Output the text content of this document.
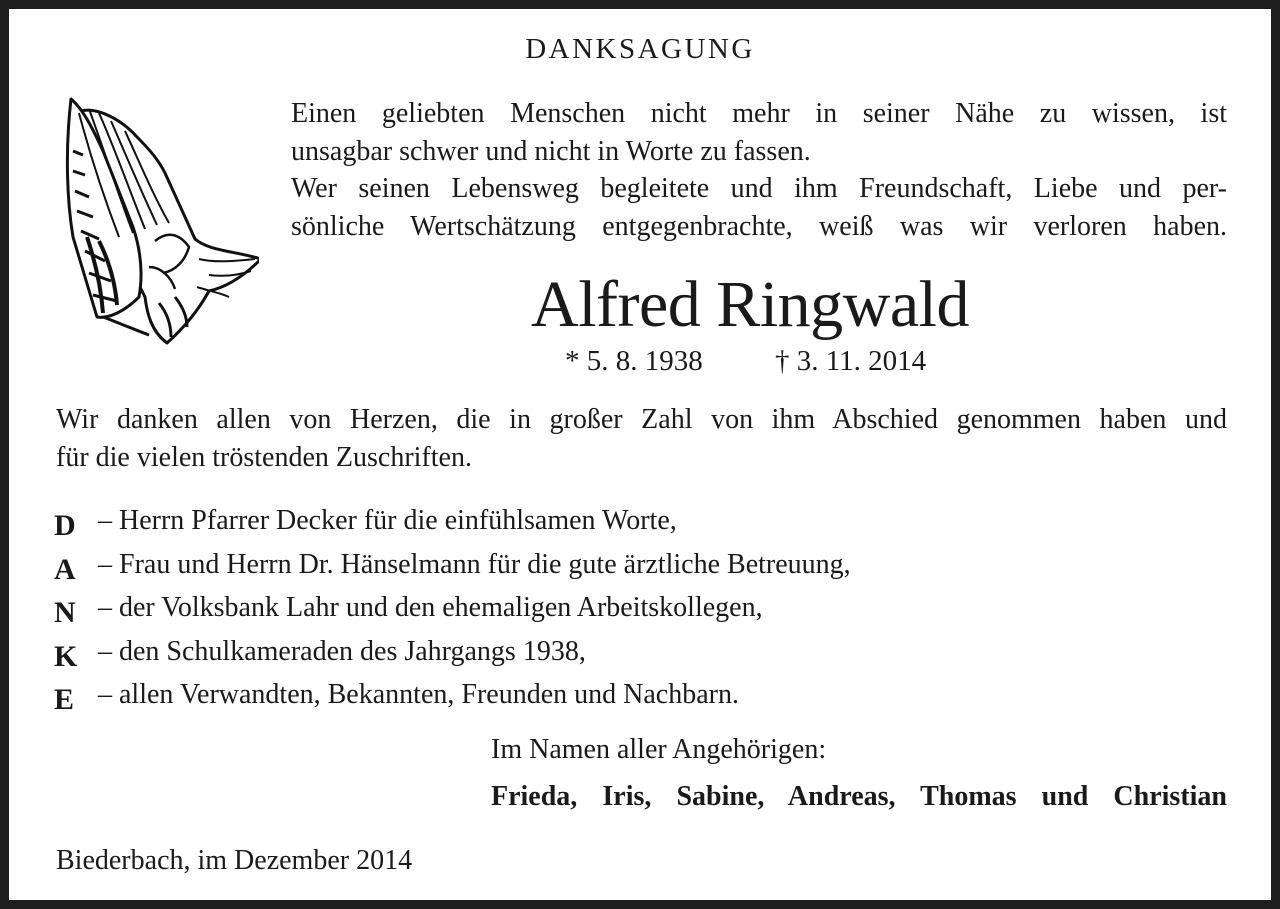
DANKSAGUNG
Einen geliebten Menschen nicht mehr in seiner Nähe zu wissen, ist
unsagbar schwer und nicht in Worte zu fassen.
Wer seinen Lebensweg begleitete und ihm Freundschaft, Liebe und per-
sönliche Wertschätzung entgegenbrachte, weiß was wir verloren haben.
Alfred Ringwald
* 5. 8. 1938 † 3. 11. 2014
Wir danken allen von Herzen, die in großer Zahl von ihm Abschied genommen haben und
für die vielen tröstenden Zuschriften.
D – Herrn Pfarrer Decker für die einfühlsamen Worte,
A – Frau und Herrn Dr. Hänselmann für die gute ärztliche Betreuung,
N – der Volksbank Lahr und den ehemaligen Arbeitskollegen,
K – den Schulkameraden des Jahrgangs 1938,
E – allen Verwandten, Bekannten, Freunden und Nachbarn.
Im Namen aller Angehörigen:
Frieda, Iris, Sabine, Andreas, Thomas und Christian
Biederbach, im Dezember 2014
